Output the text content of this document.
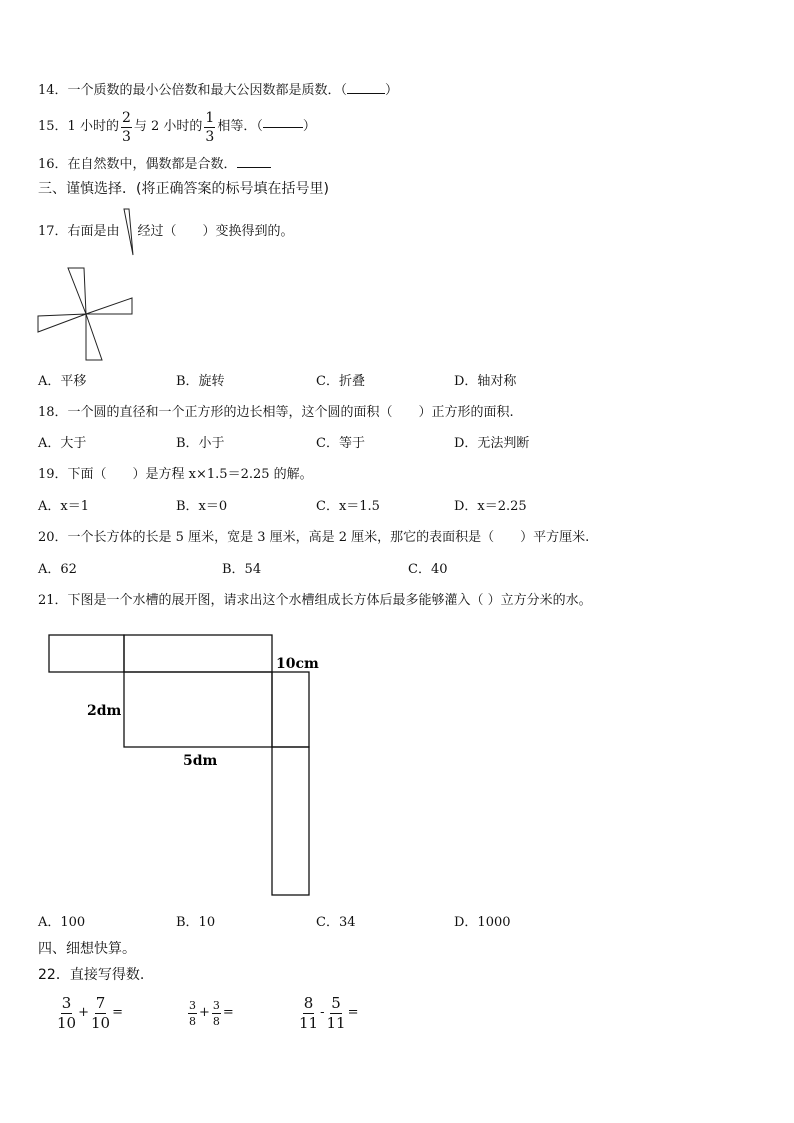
14．一个质数的最小公倍数和最大公因数都是质数．（	）
15．1 小时的 $\frac{2}{3}$ 与 2 小时的 $\frac{1}{3}$ 相等．（	）
16．在自然数中，偶数都是合数．
三、谨慎选择．(将正确答案的标号填在括号里)
17．右面是由 经过（　　）变换得到的。
A．平移	B．旋转	C．折叠	D．轴对称
18．一个圆的直径和一个正方形的边长相等，这个圆的面积（　　）正方形的面积.
A．大于	B．小于	C．等于	D．无法判断
19．下面（　　）是方程 x×1.5＝2.25 的解。
A．x＝1	B．x＝0	C．x＝1.5	D．x＝2.25
20．一个长方体的长是 5 厘米，宽是 3 厘米，高是 2 厘米，那它的表面积是（　　）平方厘米.
A．62	B．54	C．40
21．下图是一个水槽的展开图，请求出这个水槽组成长方体后最多能够灌入（ ）立方分米的水。
10cm
2dm
5dm
A．100	B．10	C．34	D．1000
四、细想快算。
22．直接写得数.
$\frac{3}{10} + \frac{7}{10}$ =	$\frac{3}{8} + \frac{3}{8}$ =	$\frac{8}{11} - \frac{5}{11}$ =
